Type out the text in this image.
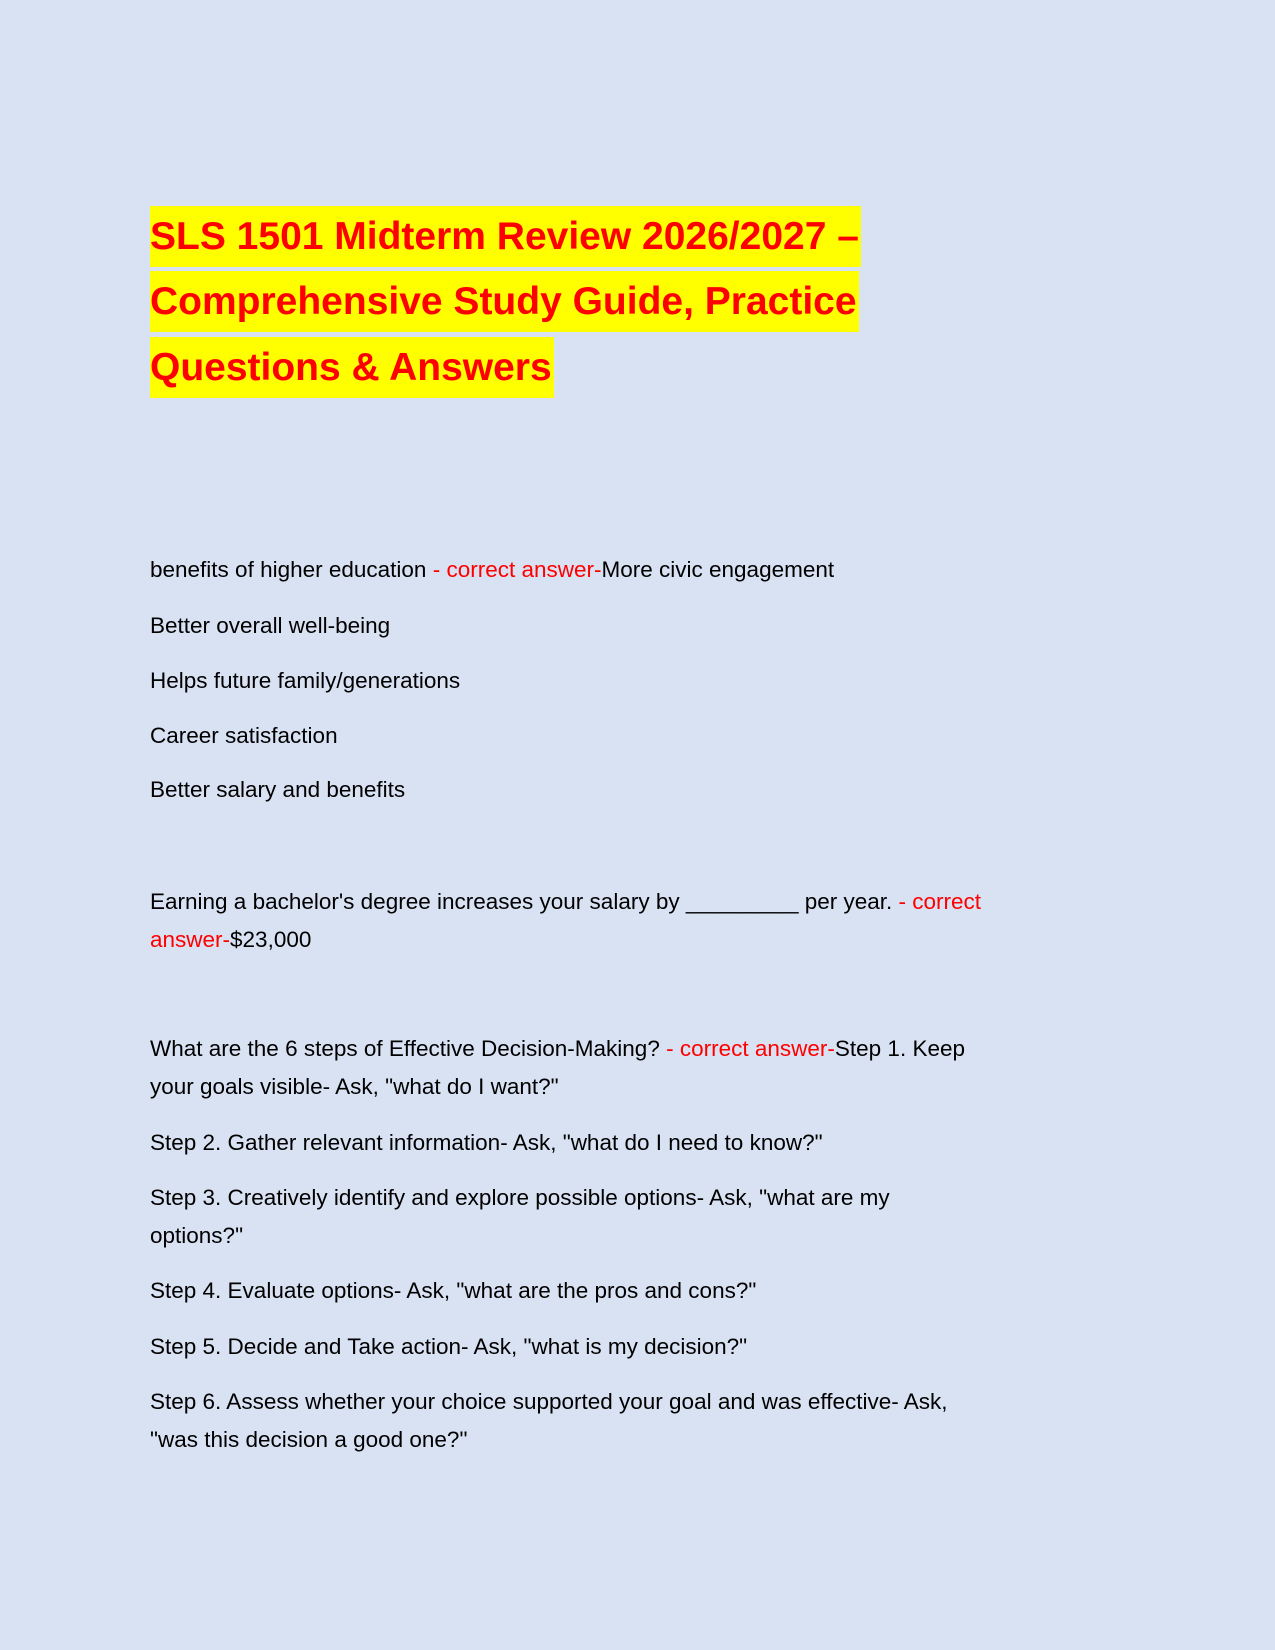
SLS 1501 Midterm Review 2026/2027 –
Comprehensive Study Guide, Practice
Questions & Answers
benefits of higher education - correct answer-More civic engagement
Better overall well-being
Helps future family/generations
Career satisfaction
Better salary and benefits
Earning a bachelor's degree increases your salary by _________ per year. - correct
answer-$23,000
What are the 6 steps of Effective Decision-Making? - correct answer-Step 1. Keep
your goals visible- Ask, "what do I want?"
Step 2. Gather relevant information- Ask, "what do I need to know?"
Step 3. Creatively identify and explore possible options- Ask, "what are my
options?"
Step 4. Evaluate options- Ask, "what are the pros and cons?"
Step 5. Decide and Take action- Ask, "what is my decision?"
Step 6. Assess whether your choice supported your goal and was effective- Ask,
"was this decision a good one?"
